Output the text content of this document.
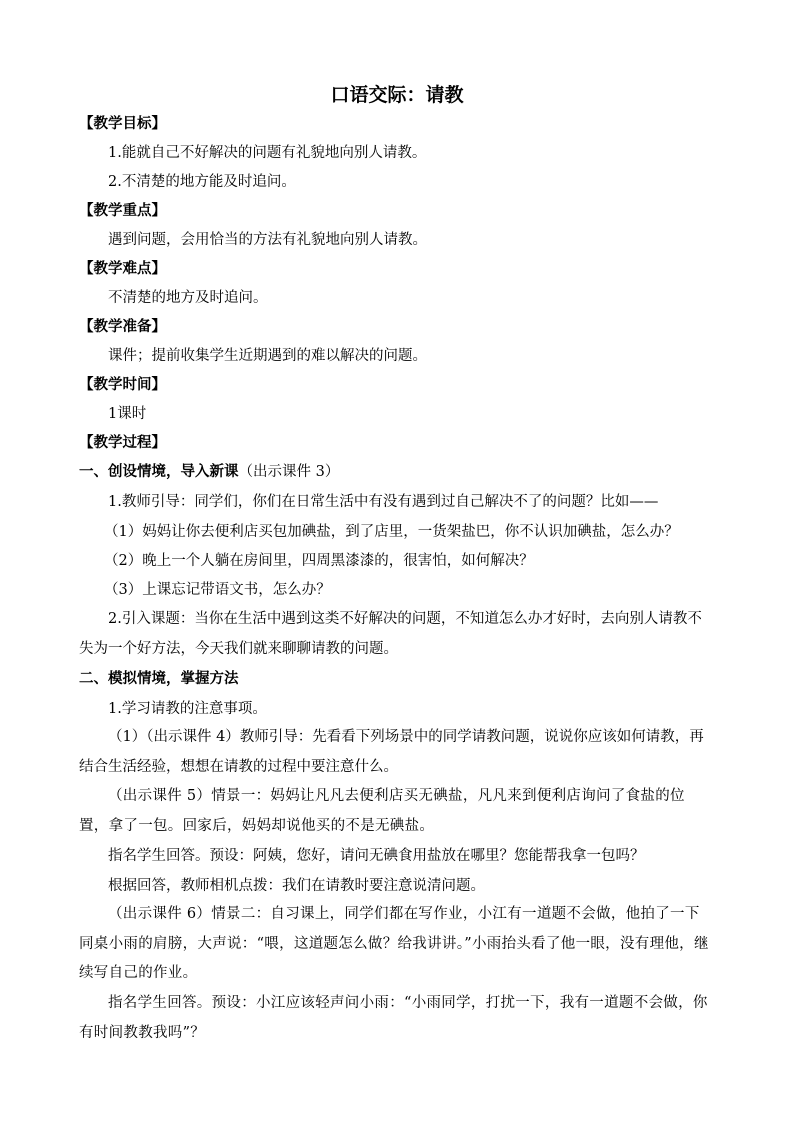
口语交际：请教
【教学目标】
1.能就自己不好解决的问题有礼貌地向别人请教。
2.不清楚的地方能及时追问。
【教学重点】
遇到问题，会用恰当的方法有礼貌地向别人请教。
【教学难点】
不清楚的地方及时追问。
【教学准备】
课件；提前收集学生近期遇到的难以解决的问题。
【教学时间】
1课时
【教学过程】
一、创设情境，导入新课（出示课件 3）
1.教师引导：同学们，你们在日常生活中有没有遇到过自己解决不了的问题？比如——
（1）妈妈让你去便利店买包加碘盐，到了店里，一货架盐巴，你不认识加碘盐，怎么办？
（2）晚上一个人躺在房间里，四周黑漆漆的，很害怕，如何解决？
（3）上课忘记带语文书，怎么办？
2.引入课题：当你在生活中遇到这类不好解决的问题，不知道怎么办才好时，去向别人请教不失为一个好方法，今天我们就来聊聊请教的问题。
二、模拟情境，掌握方法
1.学习请教的注意事项。
（1）（出示课件 4）教师引导：先看看下列场景中的同学请教问题，说说你应该如何请教，再结合生活经验，想想在请教的过程中要注意什么。
（出示课件 5）情景一：妈妈让凡凡去便利店买无碘盐，凡凡来到便利店询问了食盐的位置，拿了一包。回家后，妈妈却说他买的不是无碘盐。
指名学生回答。预设：阿姨，您好，请问无碘食用盐放在哪里？您能帮我拿一包吗？
根据回答，教师相机点拨：我们在请教时要注意说清问题。
（出示课件 6）情景二：自习课上，同学们都在写作业，小江有一道题不会做，他拍了一下同桌小雨的肩膀，大声说：“喂，这道题怎么做？给我讲讲。”小雨抬头看了他一眼，没有理他，继续写自己的作业。
指名学生回答。预设：小江应该轻声问小雨：“小雨同学，打扰一下，我有一道题不会做，你有时间教教我吗”？
